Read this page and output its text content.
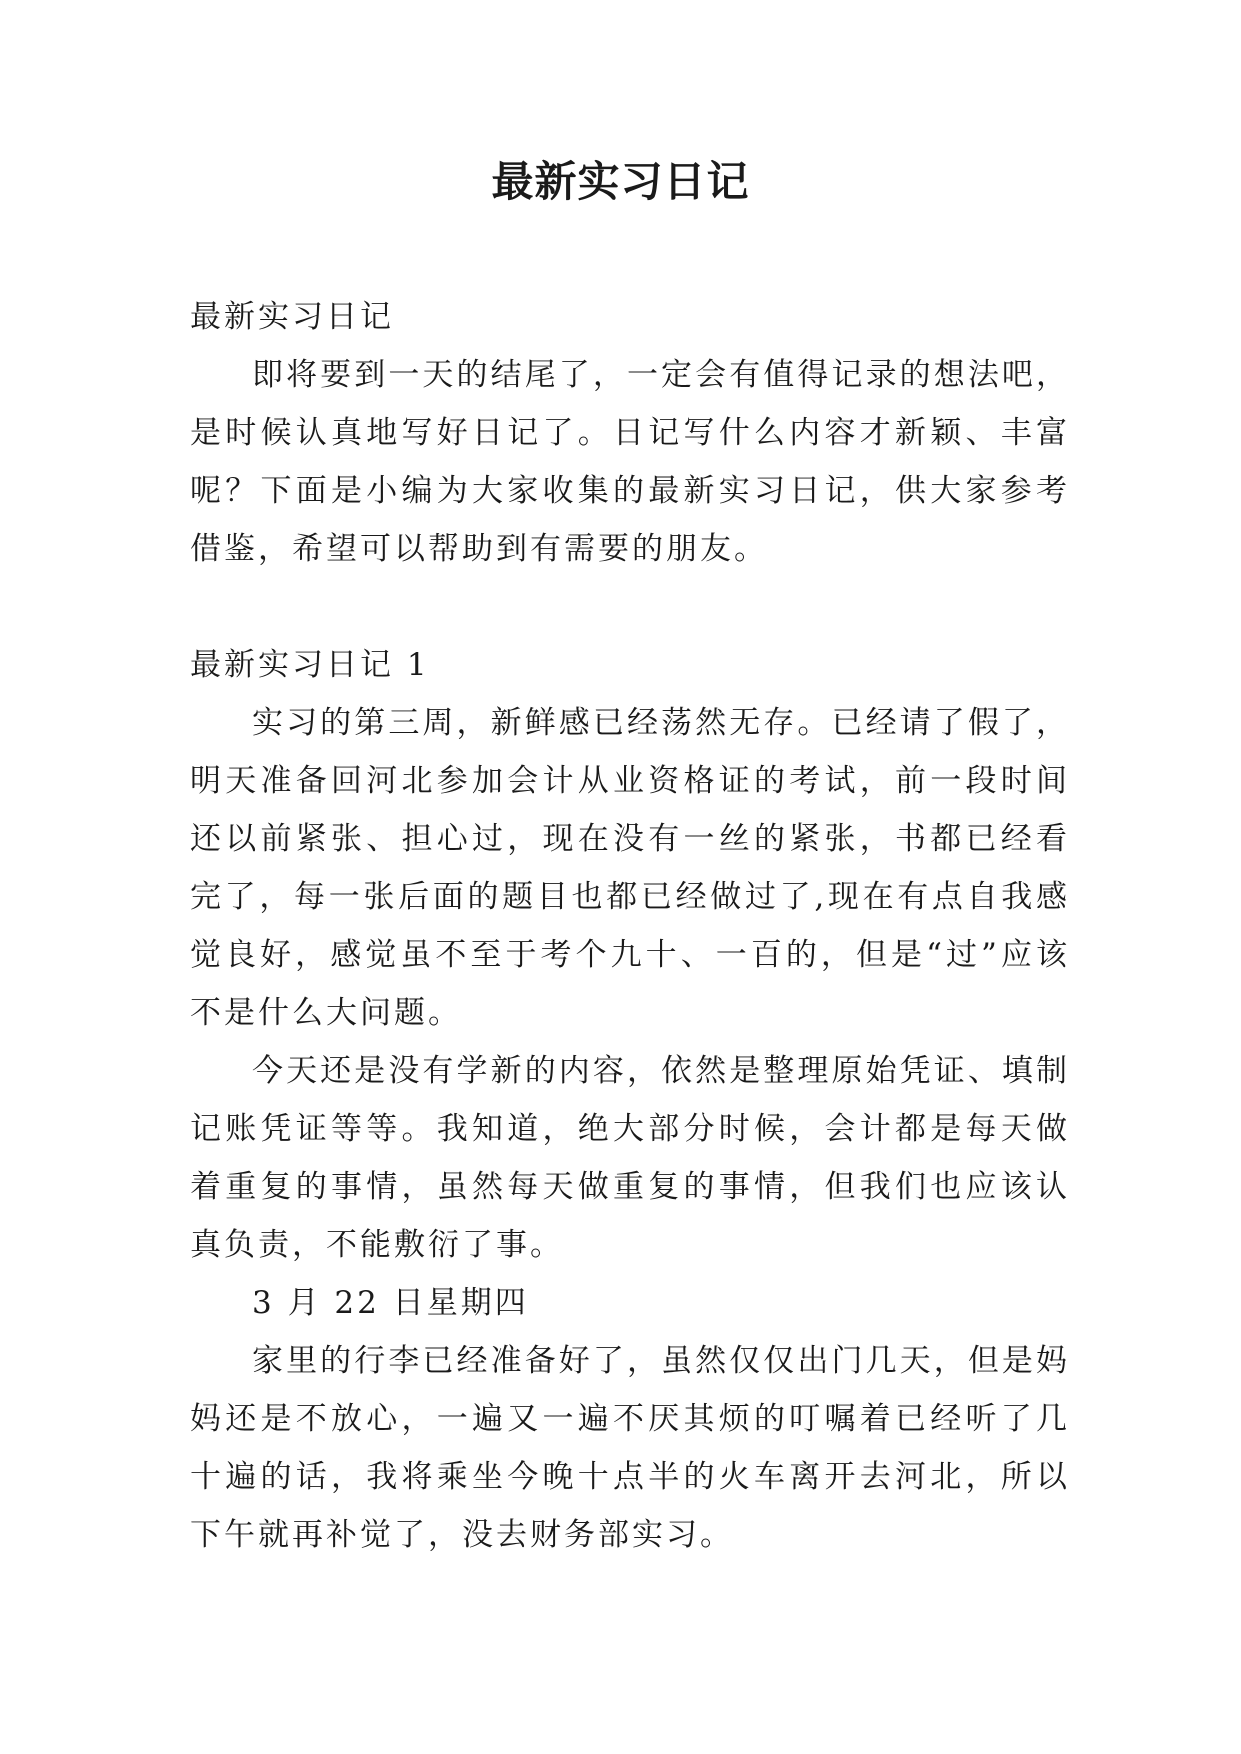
最新实习日记

最新实习日记

即将要到一天的结尾了，一定会有值得记录的想法吧，是时候认真地写好日记了。日记写什么内容才新颖、丰富呢？下面是小编为大家收集的最新实习日记，供大家参考借鉴，希望可以帮助到有需要的朋友。

最新实习日记 1

实习的第三周，新鲜感已经荡然无存。已经请了假了，明天准备回河北参加会计从业资格证的考试，前一段时间还以前紧张、担心过，现在没有一丝的紧张，书都已经看完了，每一张后面的题目也都已经做过了,现在有点自我感觉良好，感觉虽不至于考个九十、一百的，但是“过”应该不是什么大问题。

今天还是没有学新的内容，依然是整理原始凭证、填制记账凭证等等。我知道，绝大部分时候，会计都是每天做着重复的事情，虽然每天做重复的事情，但我们也应该认真负责，不能敷衍了事。

3 月 22 日星期四

家里的行李已经准备好了，虽然仅仅出门几天，但是妈妈还是不放心，一遍又一遍不厌其烦的叮嘱着已经听了几十遍的话，我将乘坐今晚十点半的火车离开去河北，所以下午就再补觉了，没去财务部实习。
